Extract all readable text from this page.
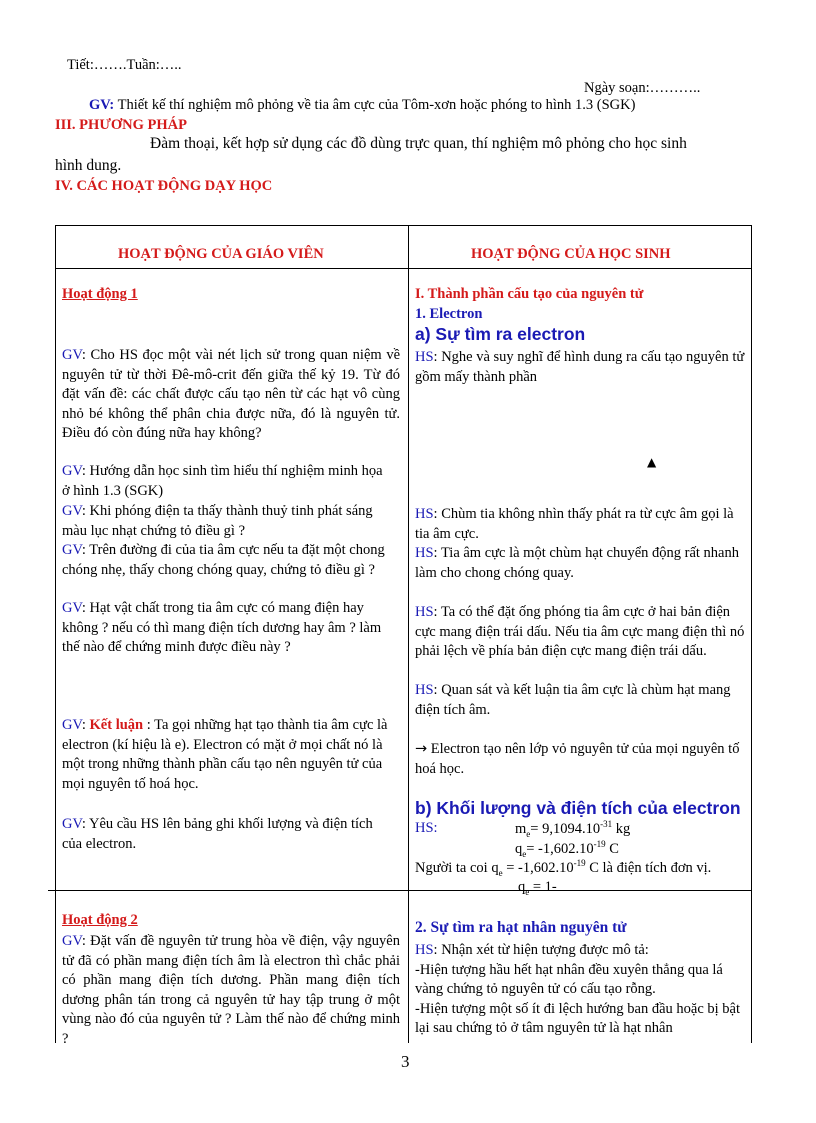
Tiết:…….Tuần:…..
Ngày soạn:………..
GV: Thiết kế thí nghiệm mô phỏng về tia âm cực của Tôm-xơn hoặc phóng to hình 1.3 (SGK)
III. PHƯƠNG PHÁP
Đàm thoại, kết hợp sử dụng các đồ dùng trực quan, thí nghiệm mô phỏng cho học sinh
hình dung.
IV. CÁC HOẠT ĐỘNG DẠY HỌC
HOẠT ĐỘNG CỦA GIÁO VIÊN	HOẠT ĐỘNG CỦA HỌC SINH
Hoạt động 1
GV: Cho HS đọc một vài nét lịch sử trong quan niệm về nguyên tử từ thời Đê-mô-crit đến giữa thế kỷ 19. Từ đó đặt vấn đề: các chất được cấu tạo nên từ các hạt vô cùng nhỏ bé không thể phân chia được nữa, đó là nguyên tử. Điều đó còn đúng nữa hay không?
GV: Hướng dẫn học sinh tìm hiểu thí nghiệm minh họa ở hình 1.3 (SGK)
GV: Khi phóng điện ta thấy thành thuỷ tinh phát sáng màu lục nhạt chứng tỏ điều gì ?
GV: Trên đường đi của tia âm cực nếu ta đặt một chong chóng nhẹ, thấy chong chóng quay, chứng tỏ điều gì ?
GV: Hạt vật chất trong tia âm cực có mang điện hay không ? nếu có thì mang điện tích dương hay âm ? làm thế nào để chứng minh được điều này ?
GV: Kết luận : Ta gọi những hạt tạo thành tia âm cực là electron (kí hiệu là e). Electron có mặt ở mọi chất nó là một trong những thành phần cấu tạo nên nguyên tử của mọi nguyên tố hoá học.
GV: Yêu cầu HS lên bảng ghi khối lượng và điện tích của electron.
I. Thành phần cấu tạo của nguyên tử
1. Electron
a) Sự tìm ra electron
HS: Nghe và suy nghĩ để hình dung ra cấu tạo nguyên tử gồm mấy thành phần
▲
HS: Chùm tia không nhìn thấy phát ra từ cực âm gọi là tia âm cực.
HS: Tia âm cực là một chùm hạt chuyển động rất nhanh làm cho chong chóng quay.
HS: Ta có thể đặt ống phóng tia âm cực ở hai bản điện cực mang điện trái dấu. Nếu tia âm cực mang điện thì nó phải lệch về phía bản điện cực mang điện trái dấu.
HS: Quan sát và kết luận tia âm cực là chùm hạt mang điện tích âm.
→ Electron tạo nên lớp vỏ nguyên tử của mọi nguyên tố hoá học.
b) Khối lượng và điện tích của electron
HS:	$m_e= 9,1094.10^{-31}$ kg
$q_e= -1,602.10^{-19}$ C
Người ta coi $q_e = -1,602.10^{-19}$ C là điện tích đơn vị.
$q_e = 1-$
Hoạt động 2
GV: Đặt vấn đề nguyên tử trung hòa về điện, vậy nguyên tử đã có phần mang điện tích âm là electron thì chắc phải có phần mang điện tích dương. Phần mang điện tích dương phân tán trong cả nguyên tử hay tập trung ở một vùng nào đó của nguyên tử ? Làm thế nào để chứng minh ?
2. Sự tìm ra hạt nhân nguyên tử
HS: Nhận xét từ hiện tượng được mô tả:
-Hiện tượng hầu hết hạt nhân đều xuyên thẳng qua lá vàng chứng tỏ nguyên tử có cấu tạo rỗng.
-Hiện tượng một số ít đi lệch hướng ban đầu hoặc bị bật lại sau chứng tỏ ở tâm nguyên tử là hạt nhân
3
